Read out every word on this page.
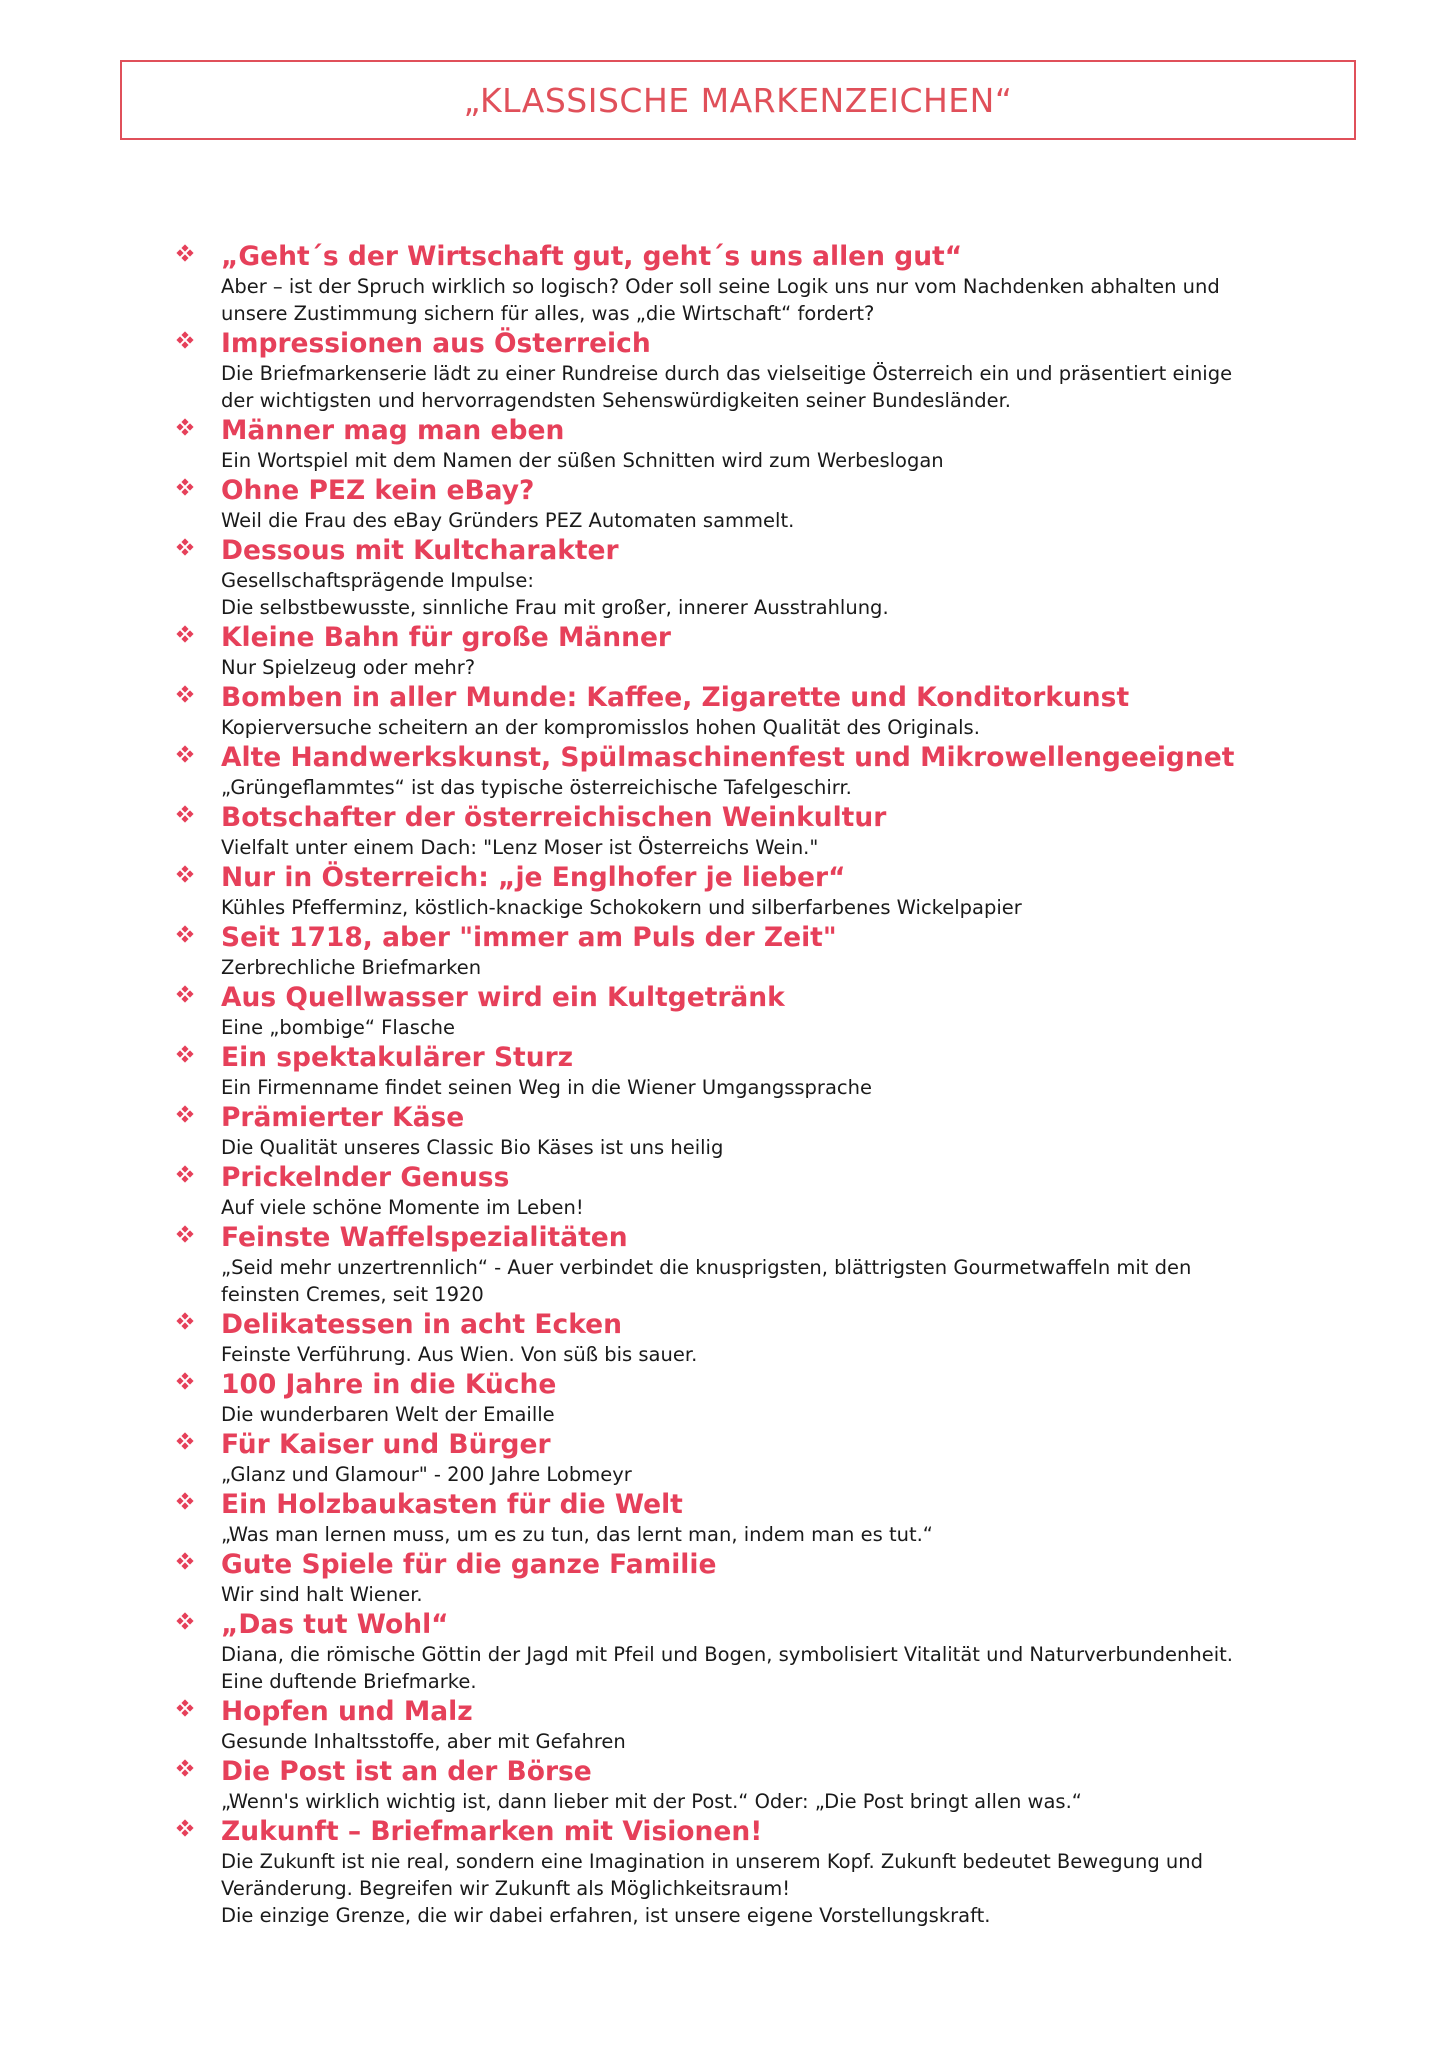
„KLASSISCHE MARKENZEICHEN“
„Geht´s der Wirtschaft gut, geht´s uns allen gut“
Aber – ist der Spruch wirklich so logisch? Oder soll seine Logik uns nur vom Nachdenken abhalten und
unsere Zustimmung sichern für alles, was „die Wirtschaft“ fordert?
Impressionen aus Österreich
Die Briefmarkenserie lädt zu einer Rundreise durch das vielseitige Österreich ein und präsentiert einige
der wichtigsten und hervorragendsten Sehenswürdigkeiten seiner Bundesländer.
Männer mag man eben
Ein Wortspiel mit dem Namen der süßen Schnitten wird zum Werbeslogan
Ohne PEZ kein eBay?
Weil die Frau des eBay Gründers PEZ Automaten sammelt.
Dessous mit Kultcharakter
Gesellschaftsprägende Impulse:
Die selbstbewusste, sinnliche Frau mit großer, innerer Ausstrahlung.
Kleine Bahn für große Männer
Nur Spielzeug oder mehr?
Bomben in aller Munde: Kaffee, Zigarette und Konditorkunst
Kopierversuche scheitern an der kompromisslos hohen Qualität des Originals.
Alte Handwerkskunst, Spülmaschinenfest und Mikrowellengeeignet
„Grüngeflammtes“ ist das typische österreichische Tafelgeschirr.
Botschafter der österreichischen Weinkultur
Vielfalt unter einem Dach: "Lenz Moser ist Österreichs Wein."
Nur in Österreich: „je Englhofer je lieber“
Kühles Pfefferminz, köstlich-knackige Schokokern und silberfarbenes Wickelpapier
Seit 1718, aber "immer am Puls der Zeit"
Zerbrechliche Briefmarken
Aus Quellwasser wird ein Kultgetränk
Eine „bombige“ Flasche
Ein spektakulärer Sturz
Ein Firmenname findet seinen Weg in die Wiener Umgangssprache
Prämierter Käse
Die Qualität unseres Classic Bio Käses ist uns heilig
Prickelnder Genuss
Auf viele schöne Momente im Leben!
Feinste Waffelspezialitäten
„Seid mehr unzertrennlich“ - Auer verbindet die knusprigsten, blättrigsten Gourmetwaffeln mit den
feinsten Cremes, seit 1920
Delikatessen in acht Ecken
Feinste Verführung. Aus Wien. Von süß bis sauer.
100 Jahre in die Küche
Die wunderbaren Welt der Emaille
Für Kaiser und Bürger
„Glanz und Glamour" - 200 Jahre Lobmeyr
Ein Holzbaukasten für die Welt
„Was man lernen muss, um es zu tun, das lernt man, indem man es tut.“
Gute Spiele für die ganze Familie
Wir sind halt Wiener.
„Das tut Wohl“
Diana, die römische Göttin der Jagd mit Pfeil und Bogen, symbolisiert Vitalität und Naturverbundenheit.
Eine duftende Briefmarke.
Hopfen und Malz
Gesunde Inhaltsstoffe, aber mit Gefahren
Die Post ist an der Börse
„Wenn's wirklich wichtig ist, dann lieber mit der Post.“ Oder: „Die Post bringt allen was.“
Zukunft – Briefmarken mit Visionen!
Die Zukunft ist nie real, sondern eine Imagination in unserem Kopf. Zukunft bedeutet Bewegung und
Veränderung. Begreifen wir Zukunft als Möglichkeitsraum!
Die einzige Grenze, die wir dabei erfahren, ist unsere eigene Vorstellungskraft.
